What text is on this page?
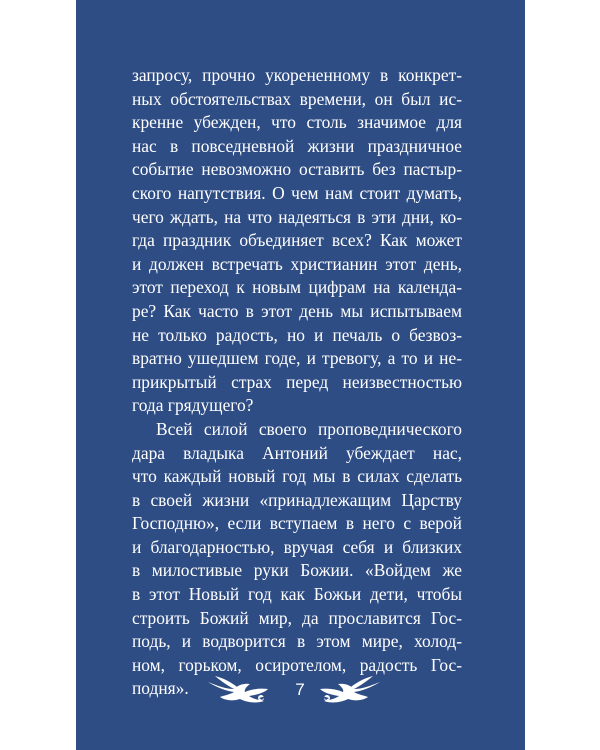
запросу, прочно укорененному в конкрет-
ных обстоятельствах времени, он был ис-
кренне убежден, что столь значимое для
нас в повседневной жизни праздничное
событие невозможно оставить без пастыр-
ского напутствия. О чем нам стоит думать,
чего ждать, на что надеяться в эти дни, ко-
гда праздник объединяет всех? Как может
и должен встречать христианин этот день,
этот переход к новым цифрам на календа-
ре? Как часто в этот день мы испытываем
не только радость, но и печаль о безвоз-
вратно ушедшем годе, и тревогу, а то и не-
прикрытый страх перед неизвестностью
года грядущего?
Всей силой своего проповеднического
дара владыка Антоний убеждает нас,
что каждый новый год мы в силах сделать
в своей жизни «принадлежащим Царству
Господню», если вступаем в него с верой
и благодарностью, вручая себя и близких
в милостивые руки Божии. «Войдем же
в этот Новый год как Божьи дети, чтобы
строить Божий мир, да прославится Гос-
подь, и водворится в этом мире, холод-
ном, горьком, осиротелом, радость Гос-
подня».	7
